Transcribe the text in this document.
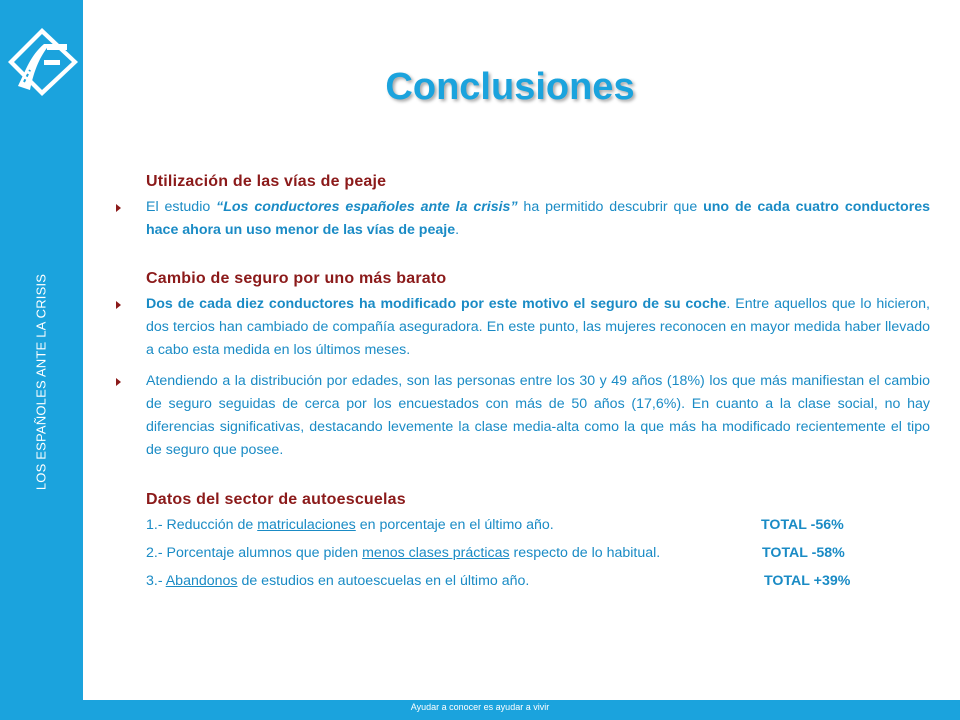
LOS ESPAÑOLES ANTE LA CRISIS
Conclusiones
Utilización de las vías de peaje
El estudio “Los conductores españoles ante la crisis” ha permitido descubrir que uno de cada cuatro conductores hace ahora un uso menor de las vías de peaje.
Cambio de seguro por uno más barato
Dos de cada diez conductores ha modificado por este motivo el seguro de su coche. Entre aquellos que lo hicieron, dos tercios han cambiado de compañía aseguradora. En este punto, las mujeres reconocen en mayor medida haber llevado a cabo esta medida en los últimos meses.
Atendiendo a la distribución por edades, son las personas entre los 30 y 49 años (18%) los que más manifiestan el cambio de seguro seguidas de cerca por los encuestados con más de 50 años (17,6%). En cuanto a la clase social, no hay diferencias significativas, destacando levemente la clase media-alta como la que más ha modificado recientemente el tipo de seguro que posee.
Datos del sector de autoescuelas
1.- Reducción de matriculaciones en porcentaje en el último año.	TOTAL -56%
2.- Porcentaje alumnos que piden menos clases prácticas respecto de lo habitual.	TOTAL -58%
3.- Abandonos de estudios en autoescuelas en el último año.	TOTAL +39%
Ayudar a conocer es ayudar a vivir
